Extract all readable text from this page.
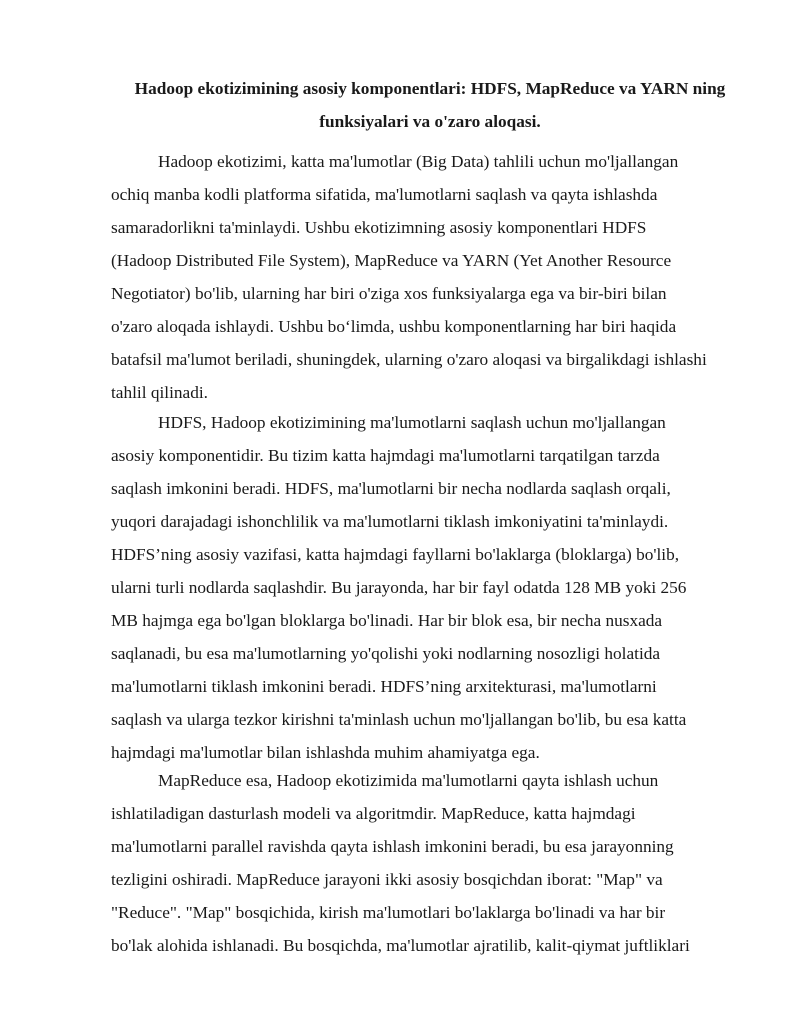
Hadoop ekotizimining asosiy komponentlari: HDFS, MapReduce va YARN ning
funksiyalari va o'zaro aloqasi.
Hadoop ekotizimi, katta ma'lumotlar (Big Data) tahlili uchun mo'ljallangan
ochiq manba kodli platforma sifatida, ma'lumotlarni saqlash va qayta ishlashda
samaradorlikni ta'minlaydi. Ushbu ekotizimning asosiy komponentlari HDFS
(Hadoop Distributed File System), MapReduce va YARN (Yet Another Resource
Negotiator) bo'lib, ularning har biri o'ziga xos funksiyalarga ega va bir-biri bilan
o'zaro aloqada ishlaydi. Ushbu bo‘limda, ushbu komponentlarning har biri haqida
batafsil ma'lumot beriladi, shuningdek, ularning o'zaro aloqasi va birgalikdagi ishlashi
tahlil qilinadi.
HDFS, Hadoop ekotizimining ma'lumotlarni saqlash uchun mo'ljallangan
asosiy komponentidir. Bu tizim katta hajmdagi ma'lumotlarni tarqatilgan tarzda
saqlash imkonini beradi. HDFS, ma'lumotlarni bir necha nodlarda saqlash orqali,
yuqori darajadagi ishonchlilik va ma'lumotlarni tiklash imkoniyatini ta'minlaydi.
HDFS’ning asosiy vazifasi, katta hajmdagi fayllarni bo'laklarga (bloklarga) bo'lib,
ularni turli nodlarda saqlashdir. Bu jarayonda, har bir fayl odatda 128 MB yoki 256
MB hajmga ega bo'lgan bloklarga bo'linadi. Har bir blok esa, bir necha nusxada
saqlanadi, bu esa ma'lumotlarning yo'qolishi yoki nodlarning nosozligi holatida
ma'lumotlarni tiklash imkonini beradi. HDFS’ning arxitekturasi, ma'lumotlarni
saqlash va ularga tezkor kirishni ta'minlash uchun mo'ljallangan bo'lib, bu esa katta
hajmdagi ma'lumotlar bilan ishlashda muhim ahamiyatga ega.
MapReduce esa, Hadoop ekotizimida ma'lumotlarni qayta ishlash uchun
ishlatiladigan dasturlash modeli va algoritmdir. MapReduce, katta hajmdagi
ma'lumotlarni parallel ravishda qayta ishlash imkonini beradi, bu esa jarayonning
tezligini oshiradi. MapReduce jarayoni ikki asosiy bosqichdan iborat: "Map" va
"Reduce". "Map" bosqichida, kirish ma'lumotlari bo'laklarga bo'linadi va har bir
bo'lak alohida ishlanadi. Bu bosqichda, ma'lumotlar ajratilib, kalit-qiymat juftliklari
